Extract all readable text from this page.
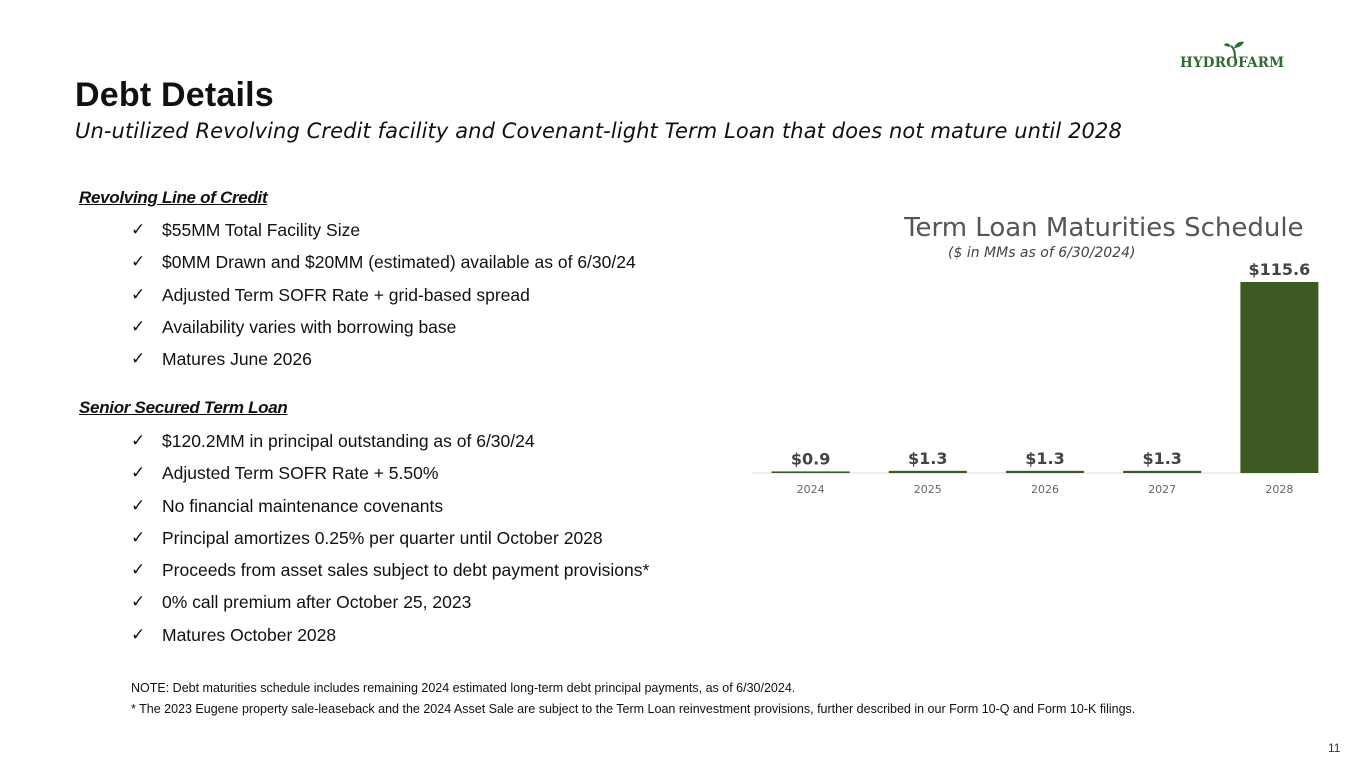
Debt Details
Un-utilized Revolving Credit facility and Covenant-light Term Loan that does not mature until 2028
HYDROFARM
Revolving Line of Credit
✓ $55MM Total Facility Size
✓ $0MM Drawn and $20MM (estimated) available as of 6/30/24
✓ Adjusted Term SOFR Rate + grid-based spread
✓ Availability varies with borrowing base
✓ Matures June 2026
Senior Secured Term Loan
✓ $120.2MM in principal outstanding as of 6/30/24
✓ Adjusted Term SOFR Rate + 5.50%
✓ No financial maintenance covenants
✓ Principal amortizes 0.25% per quarter until October 2028
✓ Proceeds from asset sales subject to debt payment provisions*
✓ 0% call premium after October 25, 2023
✓ Matures October 2028
Term Loan Maturities Schedule
($ in MMs as of 6/30/2024)
$0.9
2024
$1.3
2025
$1.3
2026
$1.3
2027
$115.6
2028
NOTE: Debt maturities schedule includes remaining 2024 estimated long-term debt principal payments, as of 6/30/2024.
* The 2023 Eugene property sale-leaseback and the 2024 Asset Sale are subject to the Term Loan reinvestment provisions, further described in our Form 10-Q and Form 10-K filings.
11
